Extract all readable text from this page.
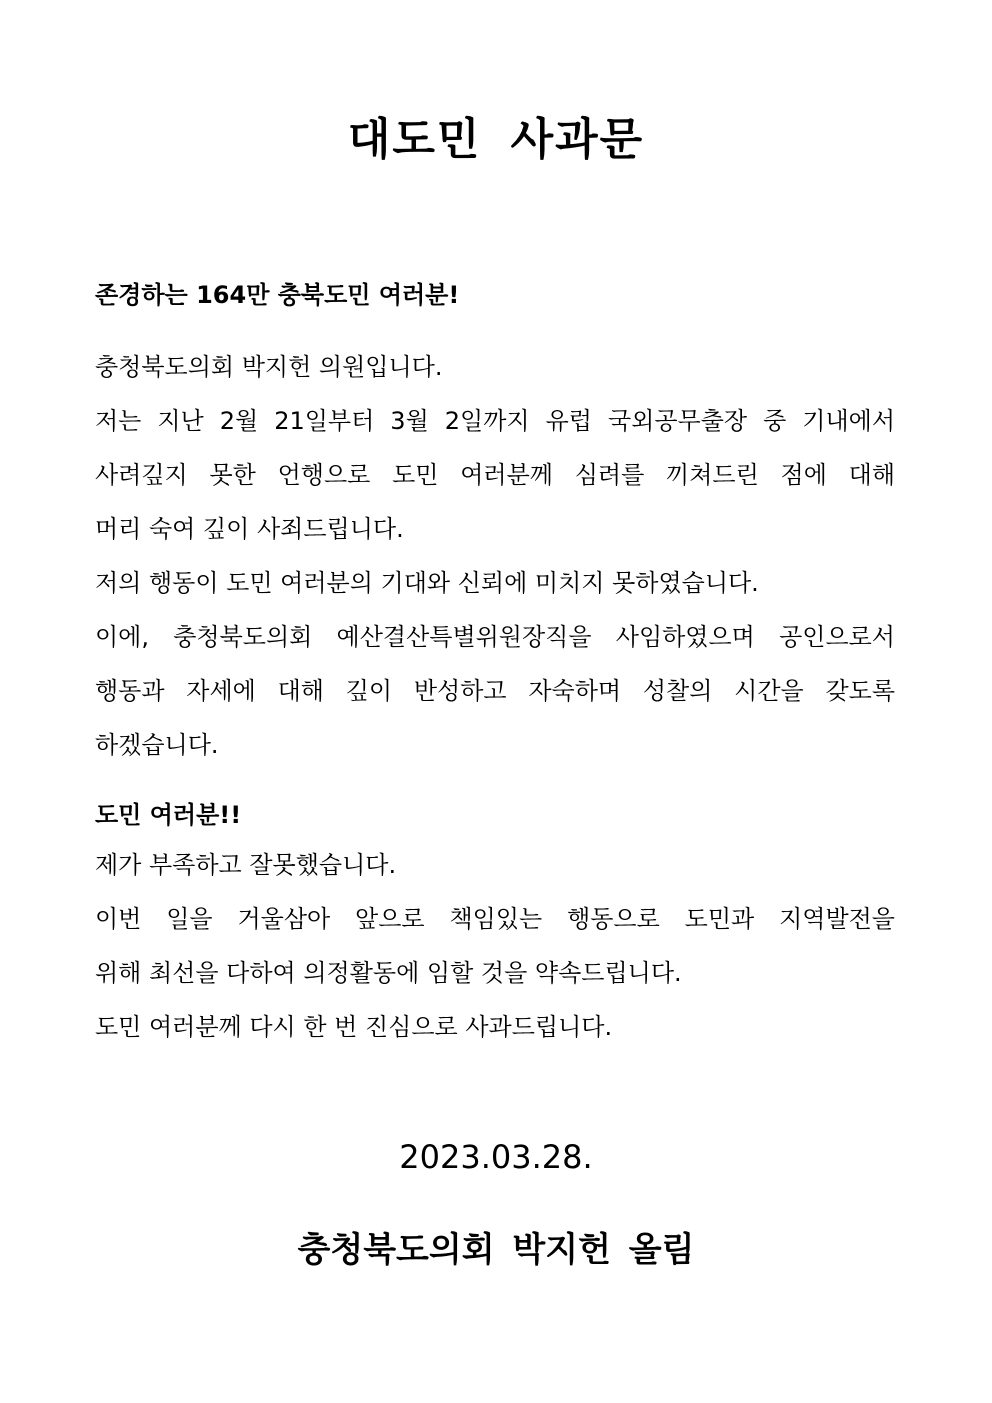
대도민 사과문
존경하는 164만 충북도민 여러분!
충청북도의회 박지헌 의원입니다.
저는 지난 2월 21일부터 3월 2일까지 유럽 국외공무출장 중 기내에서
사려깊지 못한 언행으로 도민 여러분께 심려를 끼쳐드린 점에 대해
머리 숙여 깊이 사죄드립니다.
저의 행동이 도민 여러분의 기대와 신뢰에 미치지 못하였습니다.
이에, 충청북도의회 예산결산특별위원장직을 사임하였으며 공인으로서
행동과 자세에 대해 깊이 반성하고 자숙하며 성찰의 시간을 갖도록
하겠습니다.
도민 여러분!!
제가 부족하고 잘못했습니다.
이번 일을 거울삼아 앞으로 책임있는 행동으로 도민과 지역발전을
위해 최선을 다하여 의정활동에 임할 것을 약속드립니다.
도민 여러분께 다시 한 번 진심으로 사과드립니다.
2023.03.28.
충청북도의회 박지헌 올림
